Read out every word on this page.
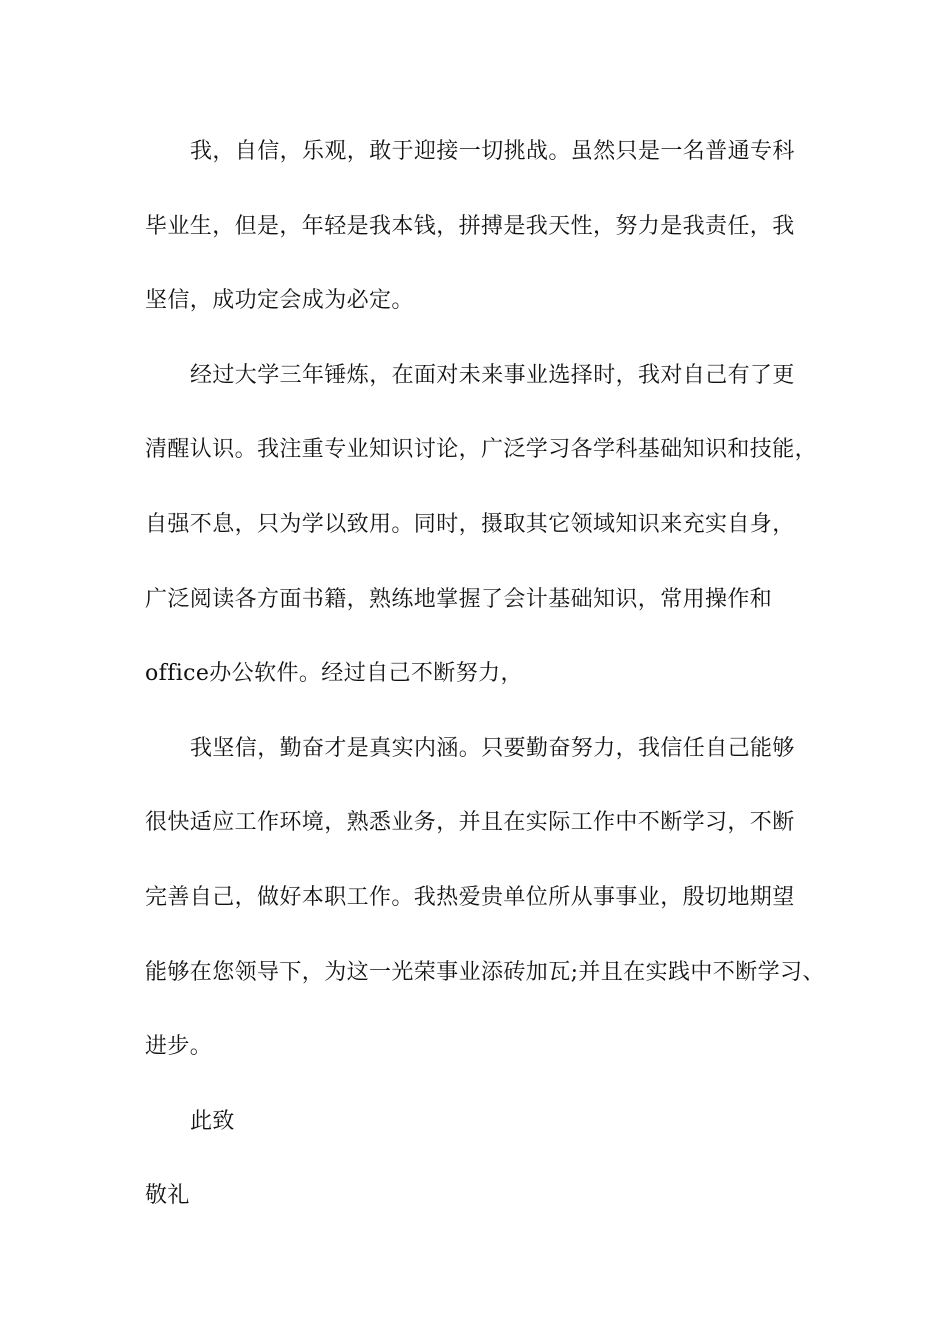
我，自信，乐观，敢于迎接一切挑战。虽然只是一名普通专科
毕业生，但是，年轻是我本钱，拼搏是我天性，努力是我责任，我
坚信，成功定会成为必定。
经过大学三年锤炼，在面对未来事业选择时，我对自己有了更
清醒认识。我注重专业知识讨论，广泛学习各学科基础知识和技能，
自强不息，只为学以致用。同时，摄取其它领域知识来充实自身，
广泛阅读各方面书籍，熟练地掌握了会计基础知识，常用操作和
office办公软件。经过自己不断努力，
我坚信，勤奋才是真实内涵。只要勤奋努力，我信任自己能够
很快适应工作环境，熟悉业务，并且在实际工作中不断学习，不断
完善自己，做好本职工作。我热爱贵单位所从事事业，殷切地期望
能够在您领导下，为这一光荣事业添砖加瓦;并且在实践中不断学习、
进步。
此致
敬礼
